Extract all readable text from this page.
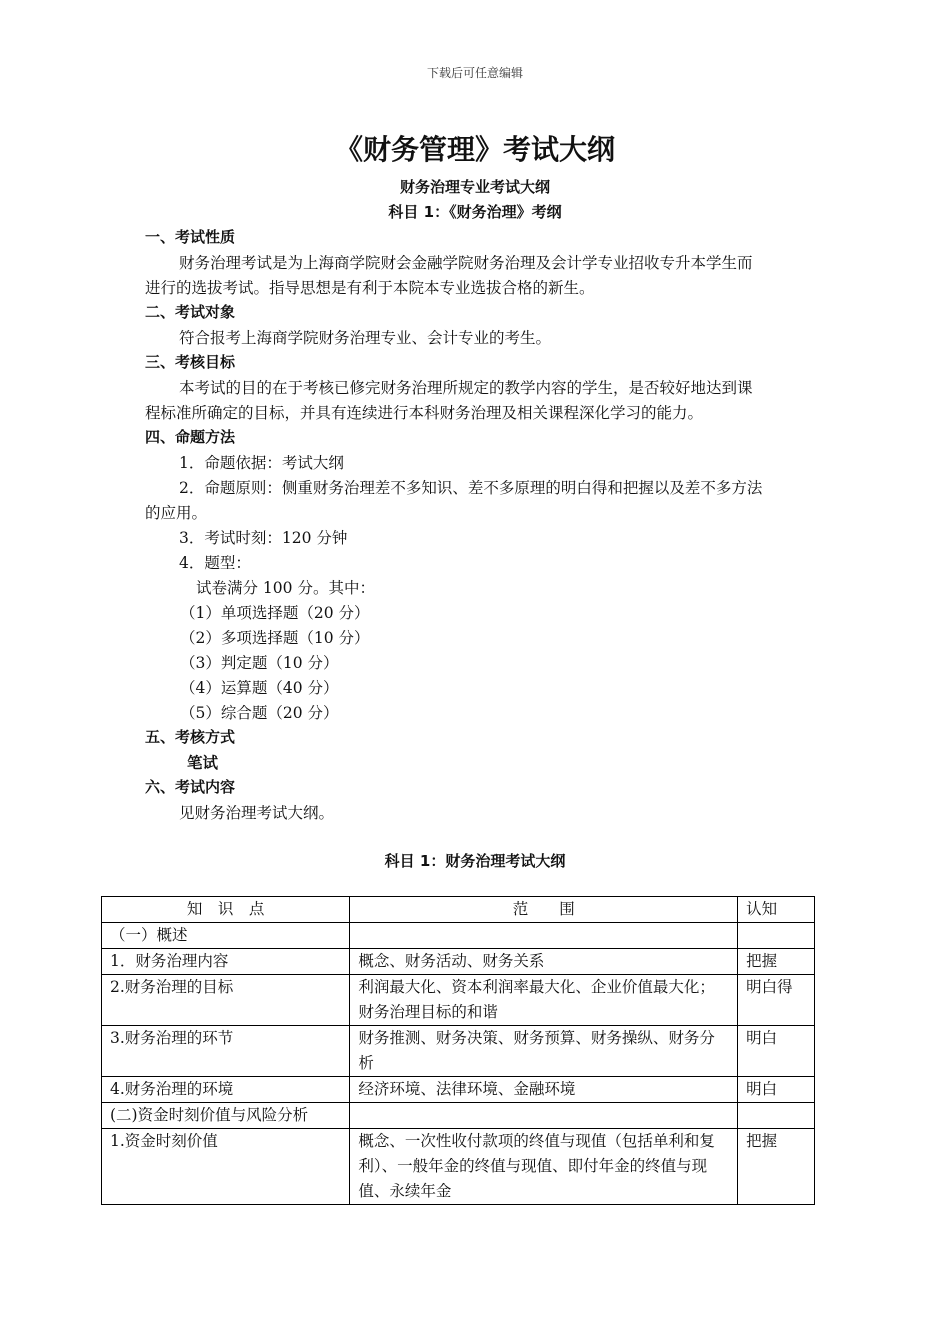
下载后可任意编辑
《财务管理》考试大纲
财务治理专业考试大纲
科目 1：《财务治理》考纲
一、考试性质
财务治理考试是为上海商学院财会金融学院财务治理及会计学专业招收专升本学生而
进行的选拔考试。指导思想是有利于本院本专业选拔合格的新生。
二、考试对象
符合报考上海商学院财务治理专业、会计专业的考生。
三、考核目标
本考试的目的在于考核已修完财务治理所规定的教学内容的学生，是否较好地达到课
程标准所确定的目标，并具有连续进行本科财务治理及相关课程深化学习的能力。
四、命题方法
1．命题依据：考试大纲
2．命题原则：侧重财务治理差不多知识、差不多原理的明白得和把握以及差不多方法
的应用。
3．考试时刻：120 分钟
4．题型：
试卷满分 100 分。其中：
（1）单项选择题（20 分）
（2）多项选择题（10 分）
（3）判定题（10 分）
（4）运算题（40 分）
（5）综合题（20 分）
五、考核方式
笔试
六、考试内容
见财务治理考试大纲。
科目 1：财务治理考试大纲
知　识　点	范　　围	认知
（一）概述		
1．财务治理内容	概念、财务活动、财务关系	把握
2.财务治理的目标	利润最大化、资本利润率最大化、企业价值最大化；财务治理目标的和谐	明白得
3.财务治理的环节	财务推测、财务决策、财务预算、财务操纵、财务分析	明白
4.财务治理的环境	经济环境、法律环境、金融环境	明白
(二)资金时刻价值与风险分析		
1.资金时刻价值	概念、一次性收付款项的终值与现值（包括单利和复利）、一般年金的终值与现值、即付年金的终值与现值、永续年金	把握
